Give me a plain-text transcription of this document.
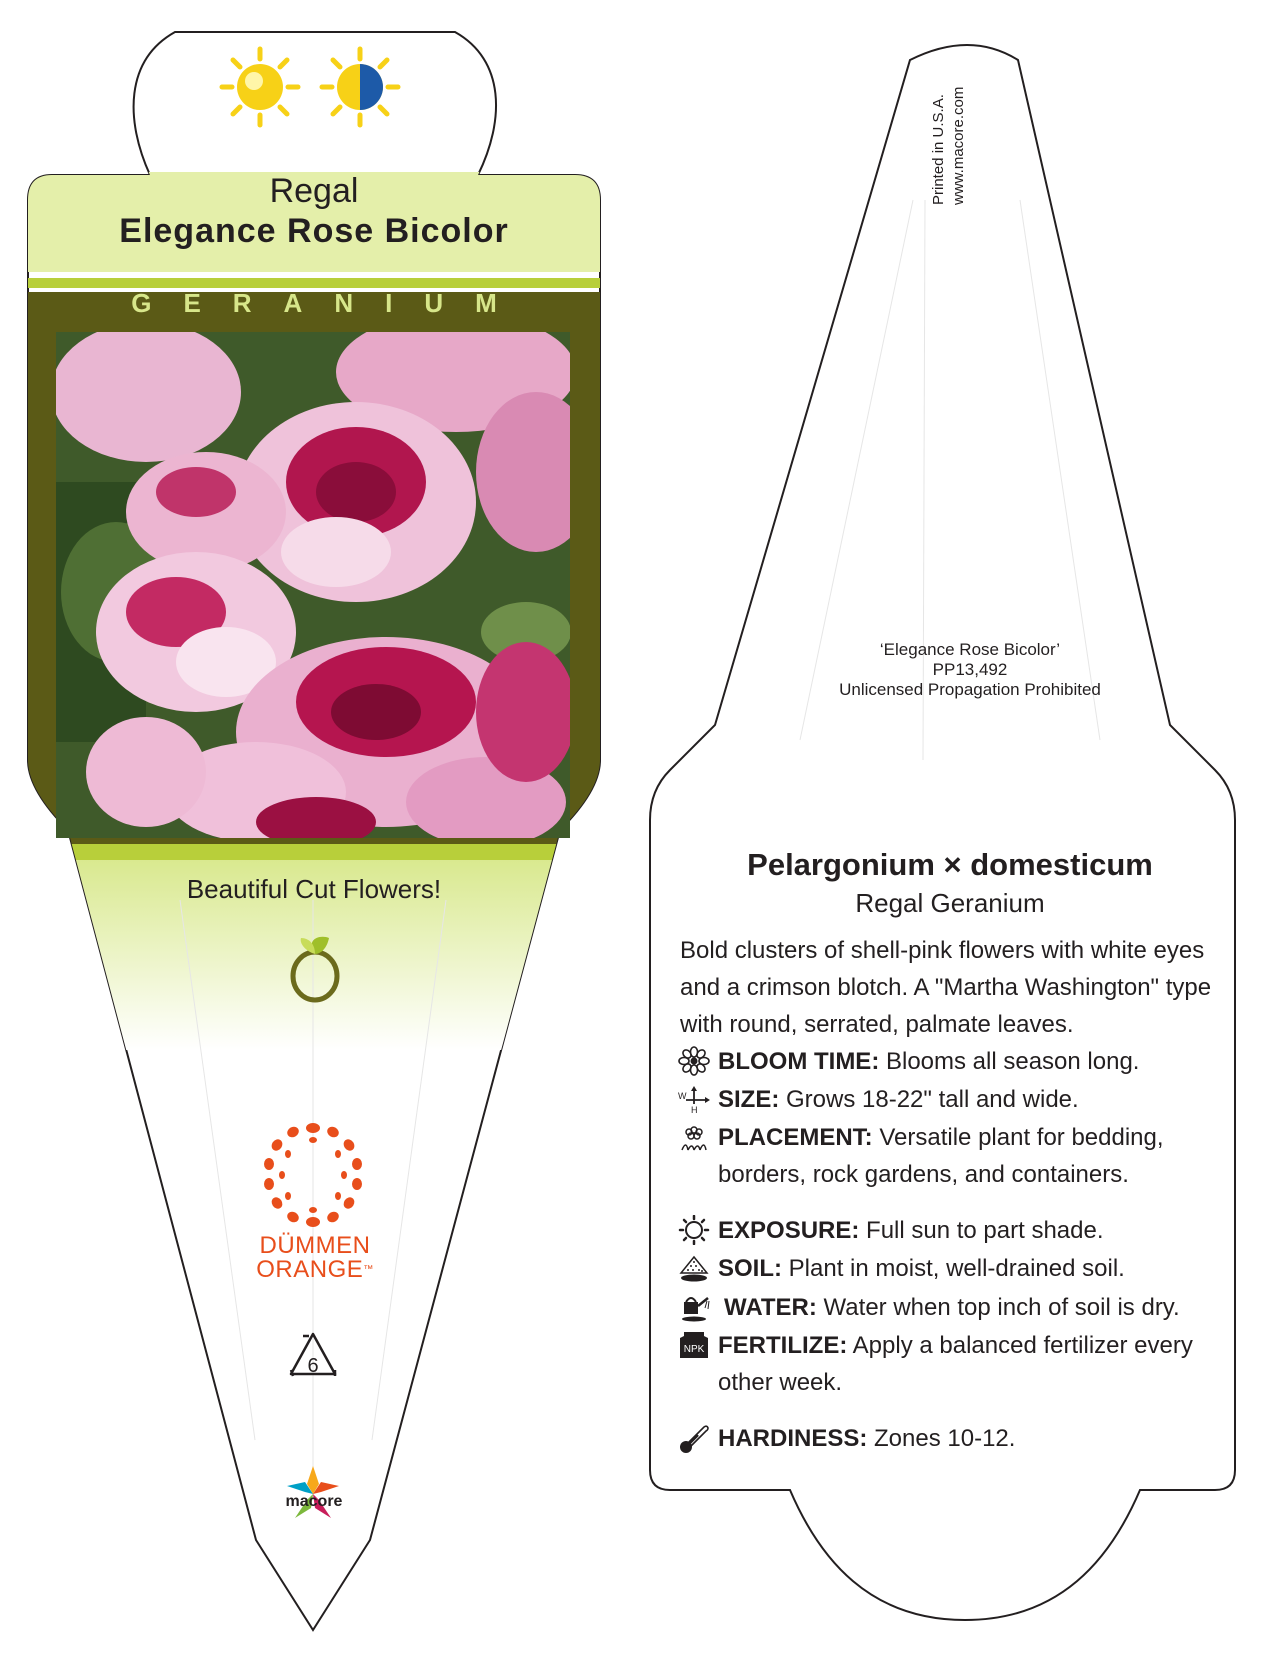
Regal
Elegance Rose Bicolor
GERANIUM
Beautiful Cut Flowers!
DÜMMEN
ORANGE™
6
macore
Printed in U.S.A. www.macore.com
‘Elegance Rose Bicolor’
PP13,492
Unlicensed Propagation Prohibited
Pelargonium × domesticum
Regal Geranium
Bold clusters of shell-pink flowers with white eyes and a crimson blotch. A "Martha Washington" type with round, serrated, palmate leaves.
BLOOM TIME: Blooms all season long.
W
H SIZE: Grows 18-22" tall and wide.
PLACEMENT: Versatile plant for bedding, borders, rock gardens, and containers.
EXPOSURE: Full sun to part shade.
SOIL: Plant in moist, well-drained soil.
WATER: Water when top inch of soil is dry.
NPK FERTILIZE: Apply a balanced fertilizer every other week.
HARDINESS: Zones 10-12.
